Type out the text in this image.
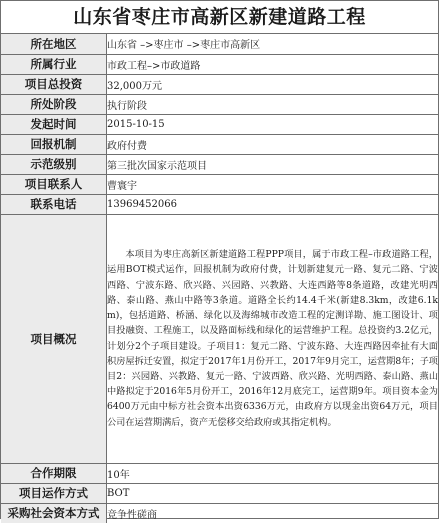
山东省枣庄市高新区新建道路工程
所在地区	山东省 –>枣庄市 –>枣庄市高新区
所属行业	市政工程–>市政道路
项目总投资	32,000万元
所处阶段	执行阶段
发起时间	2015-10-15
回报机制	政府付费
示范级别	第三批次国家示范项目
项目联系人	曹寰宇
联系电话	13969452066
项目概况	本项目为枣庄高新区新建道路工程PPP项目，属于市政工程–市政道路工程，运用BOT模式运作，回报机制为政府付费，计划新建复元一路、复元二路、宁波西路、宁波东路、欣兴路、兴园路、兴教路、大连西路等8条道路，改建光明西路、泰山路、燕山中路等3条道。道路全长约14.4千米(新建8.3km，改建6.1km)，包括道路、桥涵、绿化以及海绵城市改造工程的定测详勘、施工图设计、项目投融资、工程施工，以及路面标线和绿化的运营维护工程。总投资约3.2亿元，计划分2个子项目建设。子项目1：复元二路、宁波东路、大连西路因牵扯有大面积房屋拆迁安置，拟定于2017年1月份开工，2017年9月完工，运营期8年；子项目2：兴园路、兴教路、复元一路、宁波西路、欣兴路、光明西路、泰山路、燕山中路拟定于2016年5月份开工，2016年12月底完工，运营期9年。项目资本金为6400万元由中标方社会资本出资6336万元，由政府方以现金出资64万元，项目公司在运营期满后，资产无偿移交给政府或其指定机构。
合作期限	10年
项目运作方式	BOT
采购社会资本方式	竞争性磋商
